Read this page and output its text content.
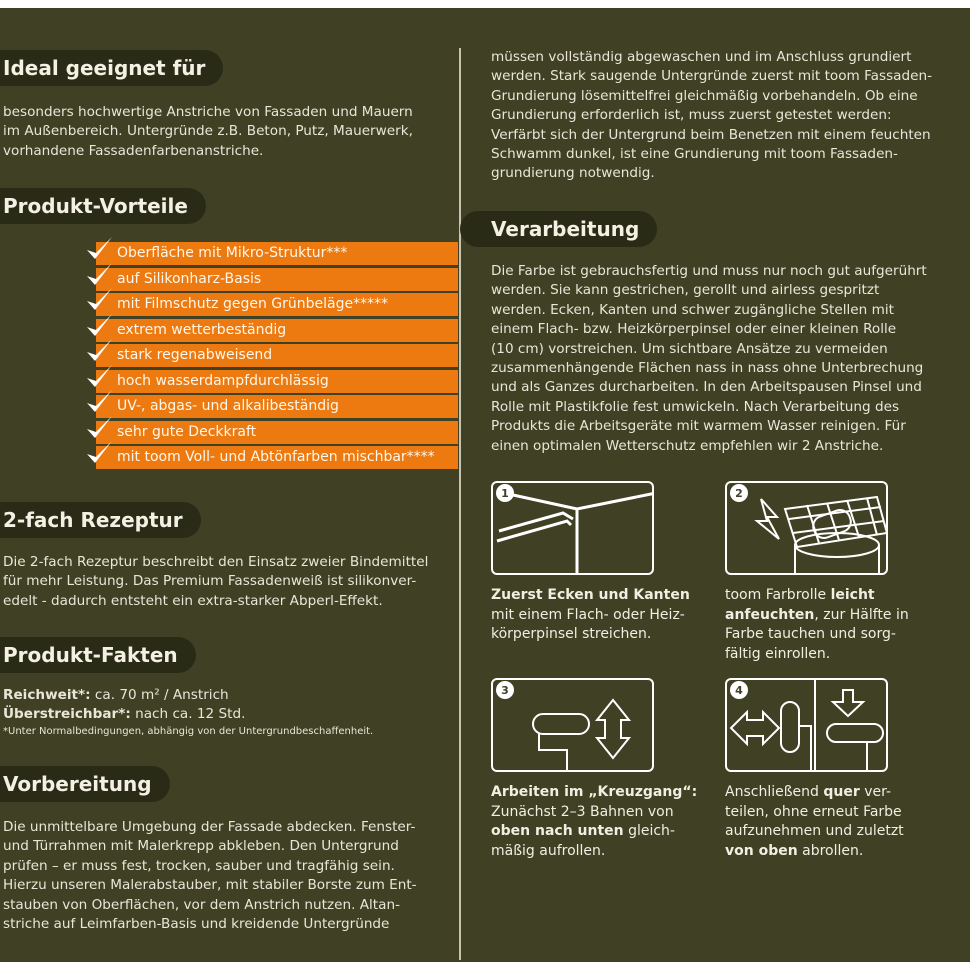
Ideal geeignet für
besonders hochwertige Anstriche von Fassaden und Mauern
im Außenbereich. Untergründe z.B. Beton, Putz, Mauerwerk,
vorhandene Fassadenfarbenanstriche.
Produkt-Vorteile
Oberfläche mit Mikro-Struktur***
auf Silikonharz-Basis
mit Filmschutz gegen Grünbeläge*****
extrem wetterbeständig
stark regenabweisend
hoch wasserdampfdurchlässig
UV-, abgas- und alkalibeständig
sehr gute Deckkraft
mit toom Voll- und Abtönfarben mischbar****
2-fach Rezeptur
Die 2-fach Rezeptur beschreibt den Einsatz zweier Bindemittel
für mehr Leistung. Das Premium Fassadenweiß ist silikonver-
edelt - dadurch entsteht ein extra-starker Abperl-Effekt.
Produkt-Fakten
Reichweit*: ca. 70 m² / Anstrich
Überstreichbar*: nach ca. 12 Std.
*Unter Normalbedingungen, abhängig von der Untergrundbeschaffenheit.
Vorbereitung
Die unmittelbare Umgebung der Fassade abdecken. Fenster-
und Türrahmen mit Malerkrepp abkleben. Den Untergrund
prüfen – er muss fest, trocken, sauber und tragfähig sein.
Hierzu unseren Malerabstauber, mit stabiler Borste zum Ent-
stauben von Oberflächen, vor dem Anstrich nutzen. Altan-
striche auf Leimfarben-Basis und kreidende Untergründe
müssen vollständig abgewaschen und im Anschluss grundiert
werden. Stark saugende Untergründe zuerst mit toom Fassaden-
Grundierung lösemittelfrei gleichmäßig vorbehandeln. Ob eine
Grundierung erforderlich ist, muss zuerst getestet werden:
Verfärbt sich der Untergrund beim Benetzen mit einem feuchten
Schwamm dunkel, ist eine Grundierung mit toom Fassaden-
grundierung notwendig.
Verarbeitung
Die Farbe ist gebrauchsfertig und muss nur noch gut aufgerührt
werden. Sie kann gestrichen, gerollt und airless gespritzt
werden. Ecken, Kanten und schwer zugängliche Stellen mit
einem Flach- bzw. Heizkörperpinsel oder einer kleinen Rolle
(10 cm) vorstreichen. Um sichtbare Ansätze zu vermeiden
zusammenhängende Flächen nass in nass ohne Unterbrechung
und als Ganzes durcharbeiten. In den Arbeitspausen Pinsel und
Rolle mit Plastikfolie fest umwickeln. Nach Verarbeitung des
Produkts die Arbeitsgeräte mit warmem Wasser reinigen. Für
einen optimalen Wetterschutz empfehlen wir 2 Anstriche.
1	2
3	4
Zuerst Ecken und Kanten
mit einem Flach- oder Heiz-
körperpinsel streichen.
toom Farbrolle leicht
anfeuchten, zur Hälfte in
Farbe tauchen und sorg-
fältig einrollen.
Arbeiten im „Kreuzgang“:
Zunächst 2–3 Bahnen von
oben nach unten gleich-
mäßig aufrollen.
Anschließend quer ver-
teilen, ohne erneut Farbe
aufzunehmen und zuletzt
von oben abrollen.
